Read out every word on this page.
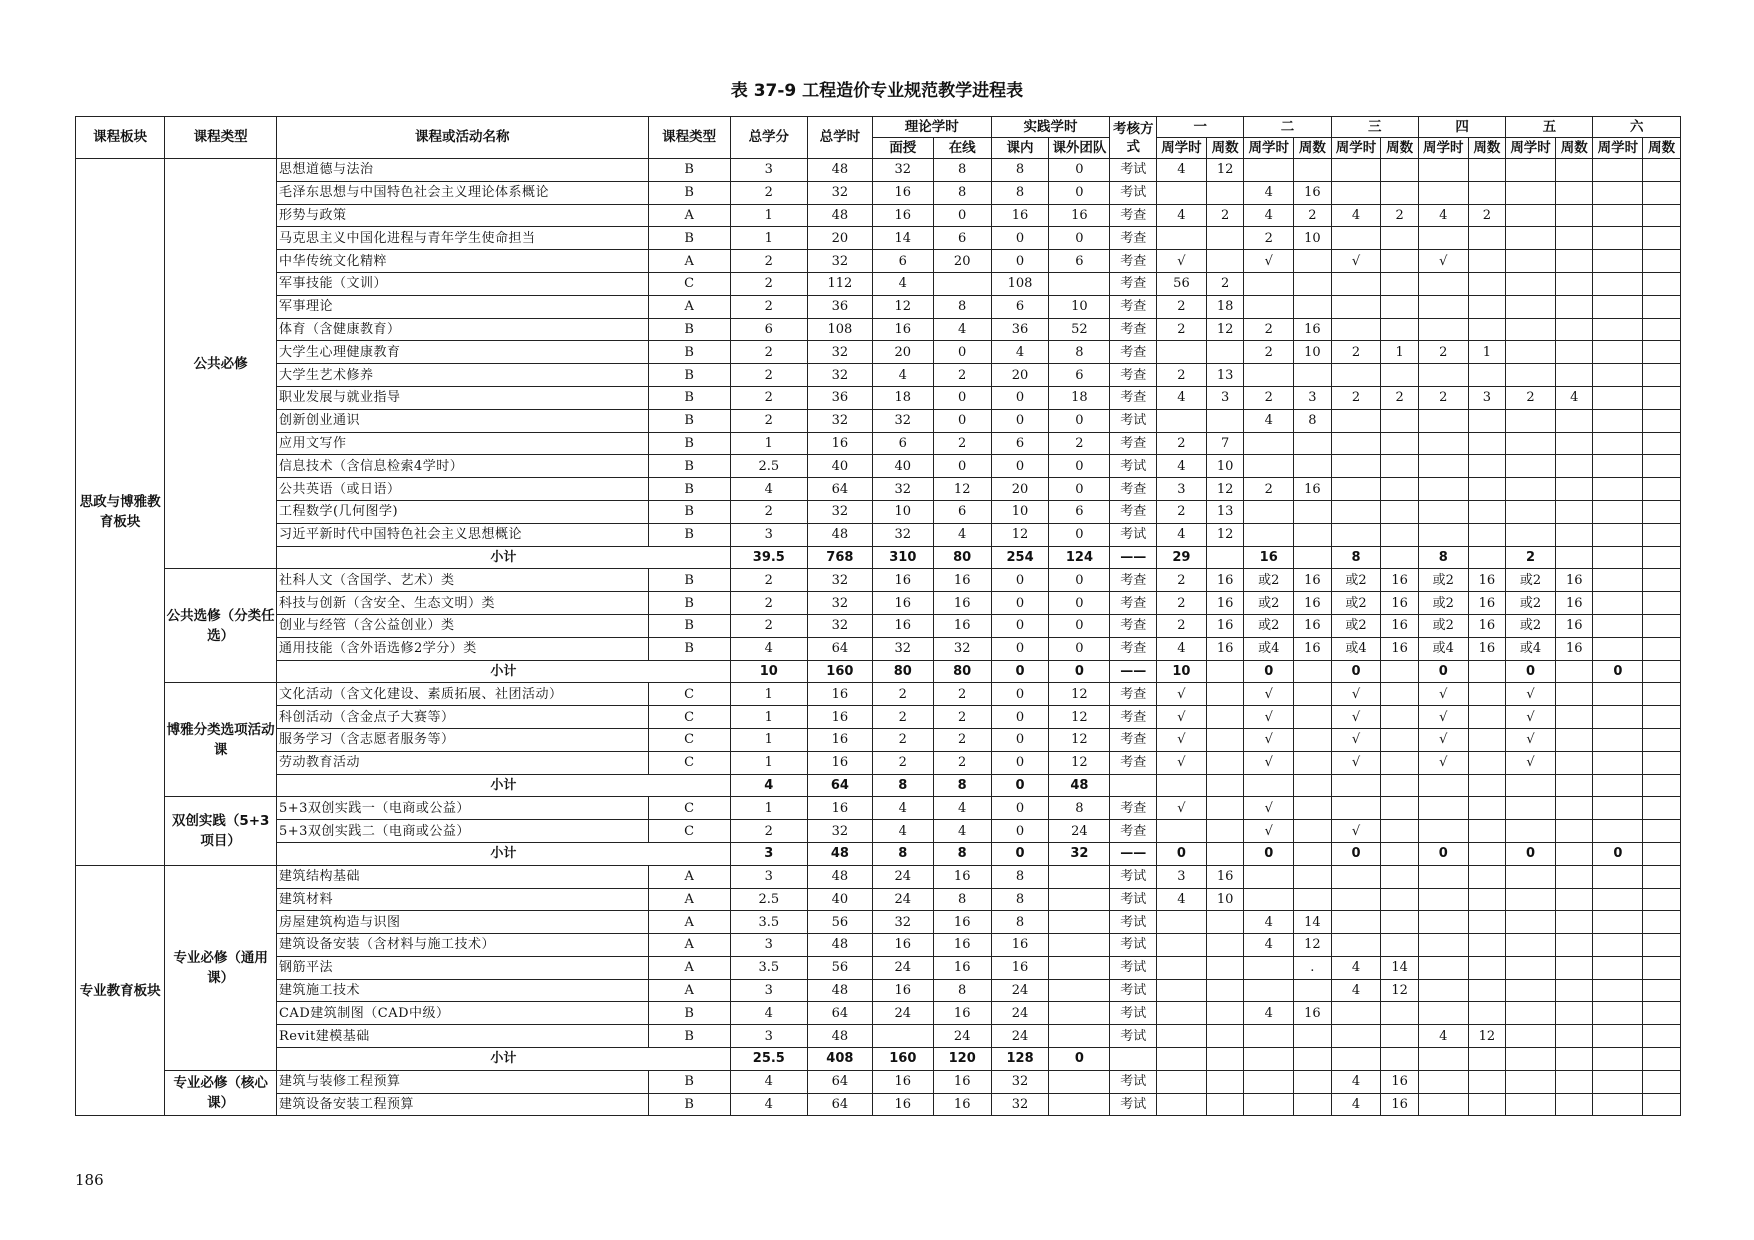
表 37-9 工程造价专业规范教学进程表
课程板块	课程类型	课程或活动名称	课程类型	总学分	总学时	理论学时		实践学时		考核方式	一		二		三		四		五		六	
						面授	在线	课内	课外团队		周学时	周数	周学时	周数	周学时	周数	周学时	周数	周学时	周数	周学时	周数
思政与博雅教育板块	公共必修	思想道德与法治	B	3	48	32	8	8	0	考试	4	12										
		毛泽东思想与中国特色社会主义理论体系概论	B	2	32	16	8	8	0	考试			4	16								
		形势与政策	A	1	48	16	0	16	16	考查	4	2	4	2	4	2	4	2				
		马克思主义中国化进程与青年学生使命担当	B	1	20	14	6	0	0	考查			2	10								
		中华传统文化精粹	A	2	32	6	20	0	6	考查	√		√		√		√					
		军事技能（文训）	C	2	112	4		108		考查	56	2										
		军事理论	A	2	36	12	8	6	10	考查	2	18										
		体育（含健康教育）	B	6	108	16	4	36	52	考查	2	12	2	16								
		大学生心理健康教育	B	2	32	20	0	4	8	考查			2	10	2	1	2	1				
		大学生艺术修养	B	2	32	4	2	20	6	考查	2	13										
		职业发展与就业指导	B	2	36	18	0	0	18	考查	4	3	2	3	2	2	2	3	2	4		
		创新创业通识	B	2	32	32	0	0	0	考试			4	8								
		应用文写作	B	1	16	6	2	6	2	考查	2	7										
		信息技术（含信息检索4学时）	B	2.5	40	40	0	0	0	考试	4	10										
		公共英语（或日语）	B	4	64	32	12	20	0	考查	3	12	2	16								
		工程数学(几何图学)	B	2	32	10	6	10	6	考查	2	13										
		习近平新时代中国特色社会主义思想概论	B	3	48	32	4	12	0	考试	4	12										
		小计		39.5	768	310	80	254	124	——	29		16		8		8		2			
	公共选修（分类任选）	社科人文（含国学、艺术）类	B	2	32	16	16	0	0	考查	2	16	或2	16	或2	16	或2	16	或2	16		
		科技与创新（含安全、生态文明）类	B	2	32	16	16	0	0	考查	2	16	或2	16	或2	16	或2	16	或2	16		
		创业与经管（含公益创业）类	B	2	32	16	16	0	0	考查	2	16	或2	16	或2	16	或2	16	或2	16		
		通用技能（含外语选修2学分）类	B	4	64	32	32	0	0	考查	4	16	或4	16	或4	16	或4	16	或4	16		
		小计		10	160	80	80	0	0	——	10		0		0		0		0		0	
	博雅分类选项活动课	文化活动（含文化建设、素质拓展、社团活动）	C	1	16	2	2	0	12	考查	√		√		√		√		√			
		科创活动（含金点子大赛等）	C	1	16	2	2	0	12	考查	√		√		√		√		√			
		服务学习（含志愿者服务等）	C	1	16	2	2	0	12	考查	√		√		√		√		√			
		劳动教育活动	C	1	16	2	2	0	12	考查	√		√		√		√		√			
		小计		4	64	8	8	0	48													
	双创实践（5+3项目）	5+3双创实践一（电商或公益）	C	1	16	4	4	0	8	考查	√		√									
		5+3双创实践二（电商或公益）	C	2	32	4	4	0	24	考查			√		√							
		小计		3	48	8	8	0	32	——	0		0		0		0		0		0	
专业教育板块	专业必修（通用课）	建筑结构基础	A	3	48	24	16	8		考试	3	16										
		建筑材料	A	2.5	40	24	8	8		考试	4	10										
		房屋建筑构造与识图	A	3.5	56	32	16	8		考试			4	14								
		建筑设备安装（含材料与施工技术）	A	3	48	16	16	16		考试			4	12								
		钢筋平法	A	3.5	56	24	16	16		考试				.	4	14						
		建筑施工技术	A	3	48	16	8	24		考试					4	12						
		CAD建筑制图（CAD中级）	B	4	64	24	16	24		考试			4	16								
		Revit建模基础	B	3	48		24	24		考试							4	12				
		小计		25.5	408	160	120	128	0													
	专业必修（核心课）	建筑与装修工程预算	B	4	64	16	16	32		考试					4	16						
		建筑设备安装工程预算	B	4	64	16	16	32		考试					4	16						
186
